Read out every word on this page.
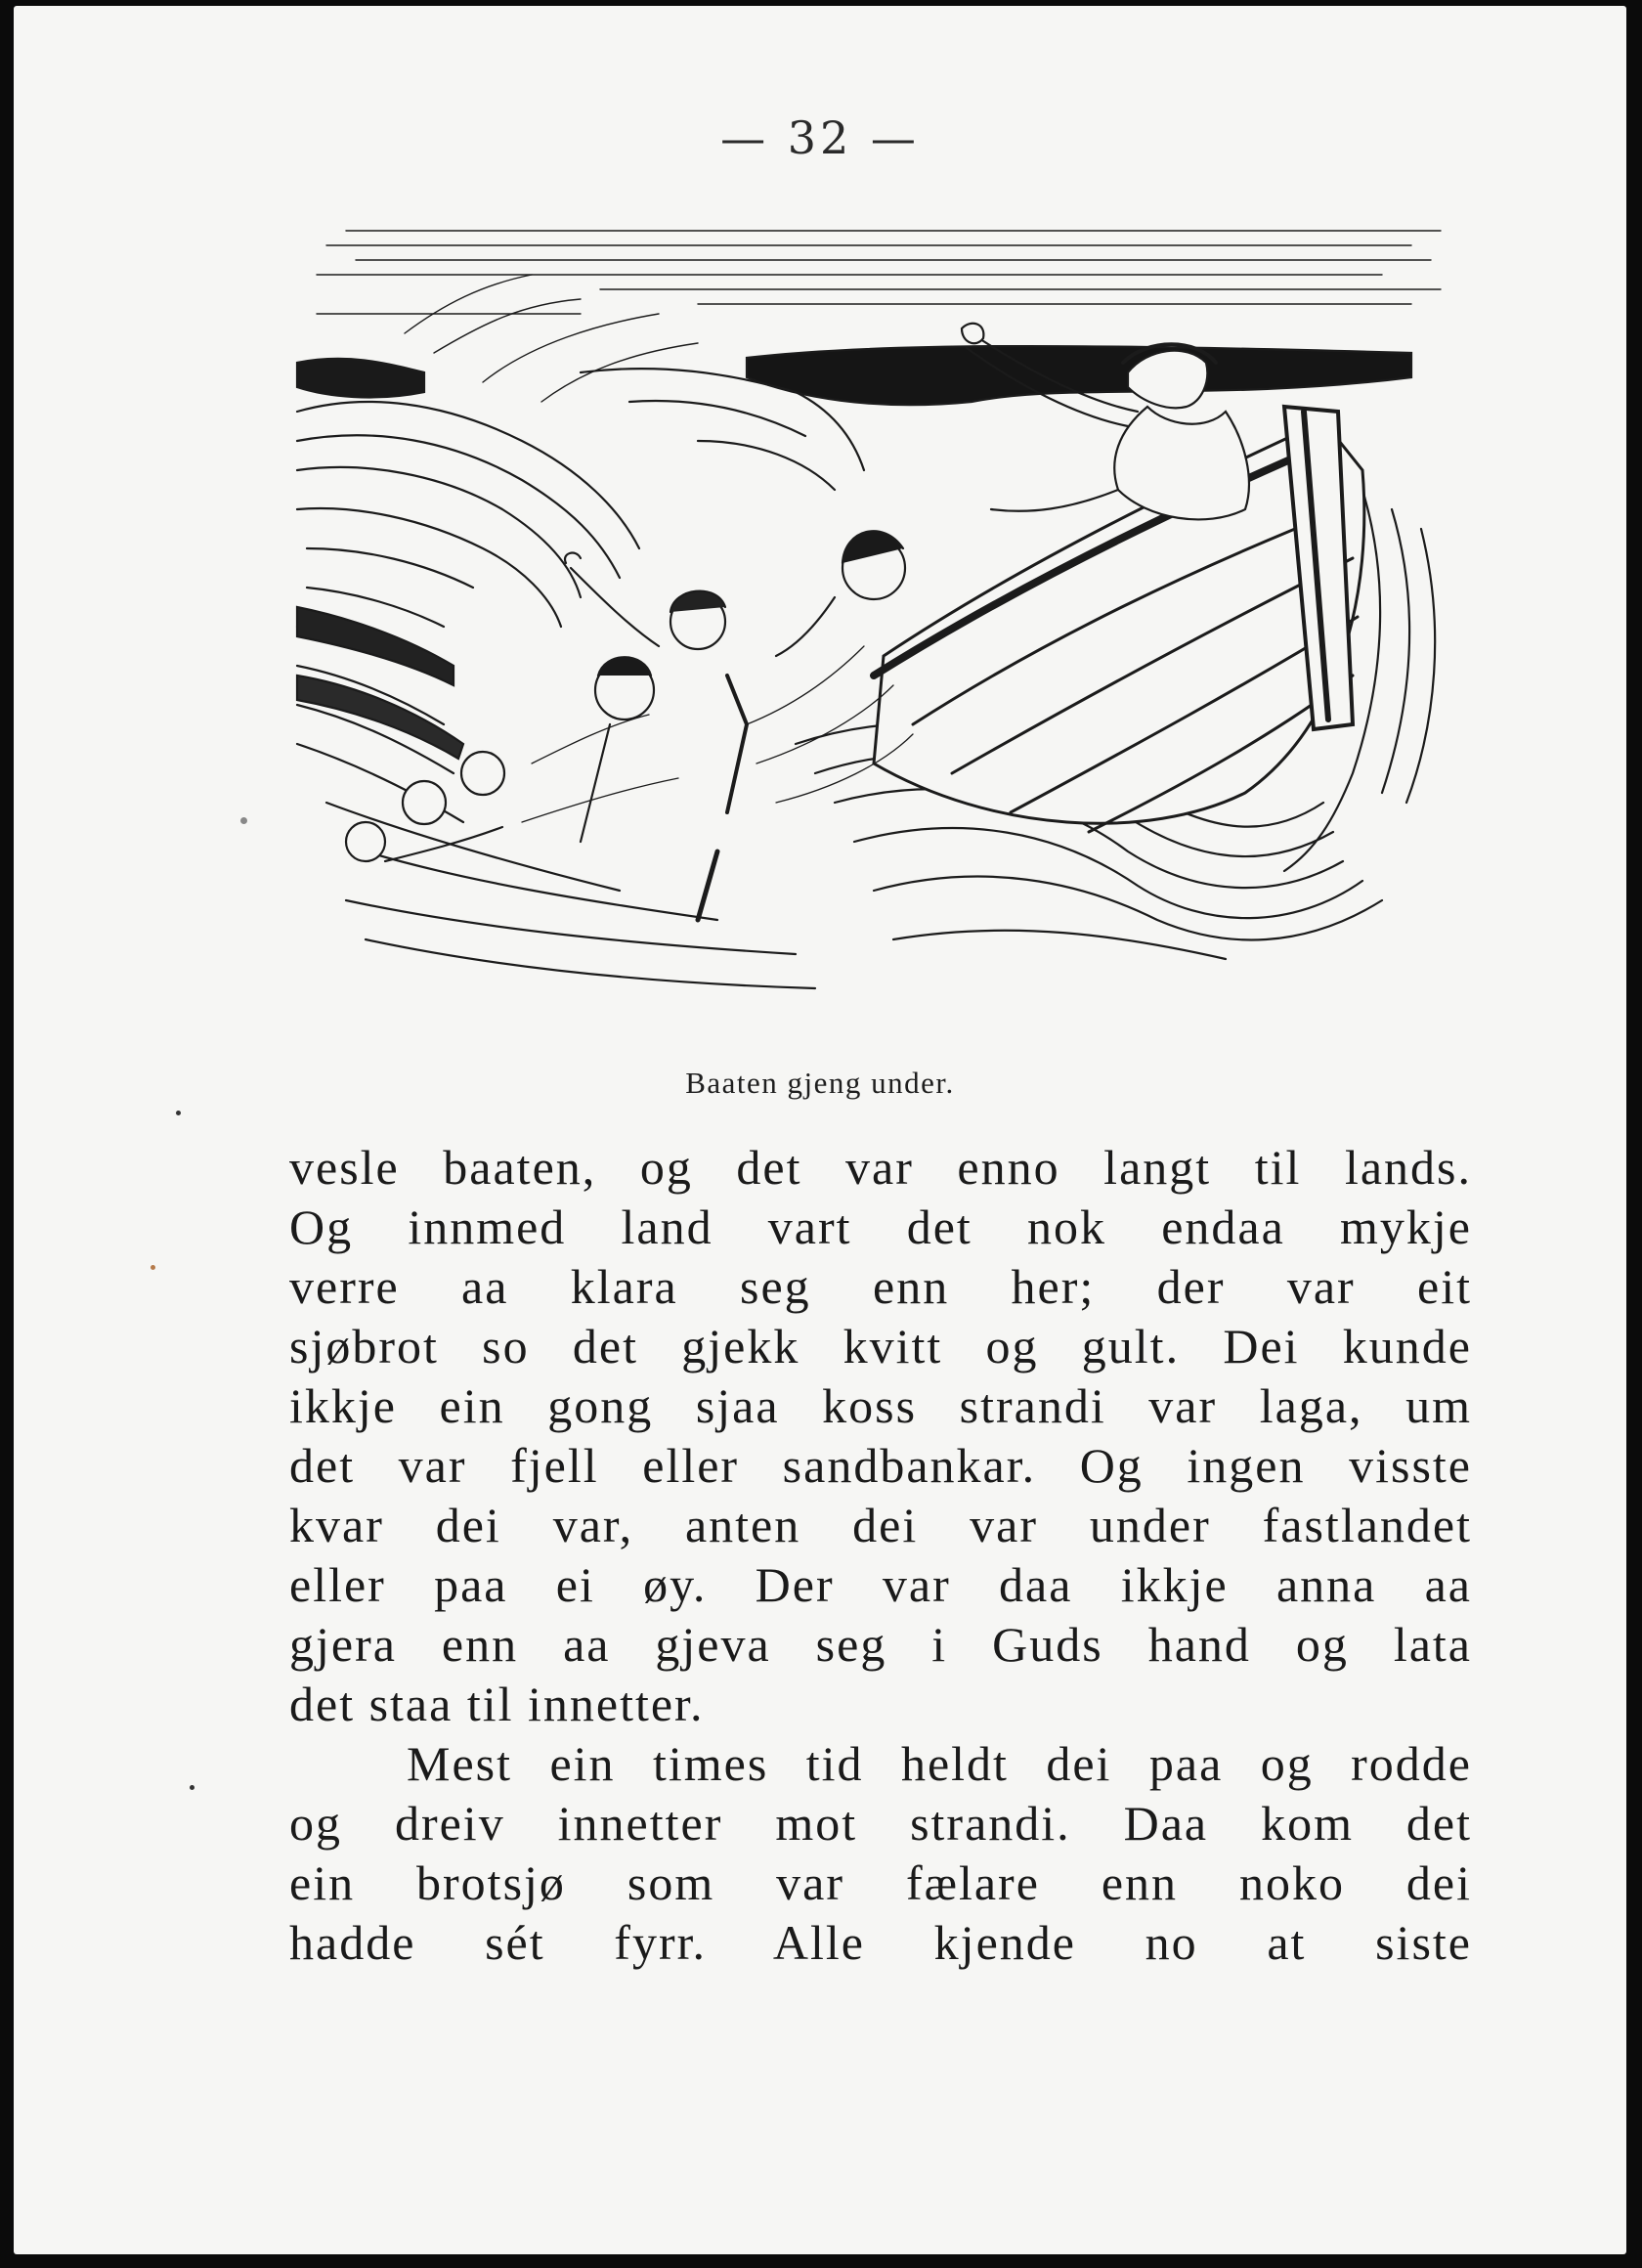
— 32 —
Baaten gjeng under.
vesle baaten, og det var enno langt til lands.
Og innmed land vart det nok endaa mykje
verre aa klara seg enn her; der var eit
sjøbrot so det gjekk kvitt og gult. Dei kunde
ikkje ein gong sjaa koss strandi var laga, um
det var fjell eller sandbankar. Og ingen visste
kvar dei var, anten dei var under fastlandet
eller paa ei øy. Der var daa ikkje anna aa
gjera enn aa gjeva seg i Guds hand og lata
det staa til innetter.
Mest ein times tid heldt dei paa og rodde
og dreiv innetter mot strandi. Daa kom det
ein brotsjø som var fælare enn noko dei
hadde sét fyrr. Alle kjende no at siste
